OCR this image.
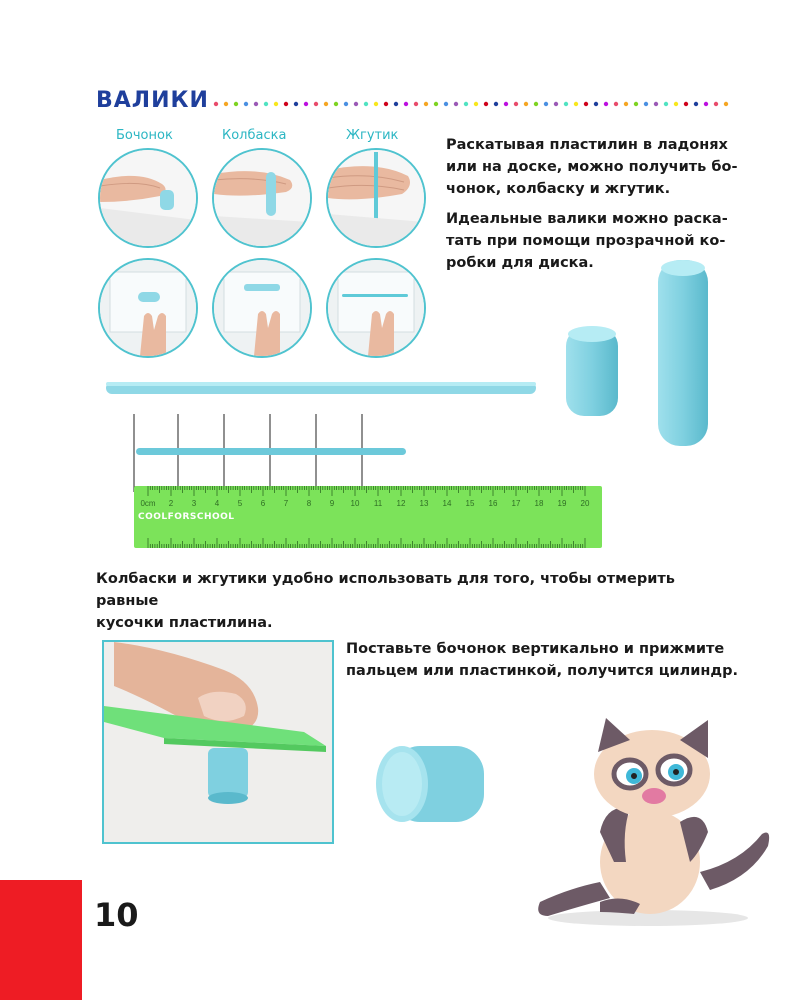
ВАЛИКИ
Бочонок	Колбаска	Жгутик
Раскатывая пластилин в ладонях
или на доске, можно получить бо-
чонок, колбаску и жгутик.
Идеальные валики можно раска-
тать при помощи прозрачной ко-
робки для диска.
0cm 2 3 4 5 6 7 8 9 10 11 12 13 14 15 16 17 18 19 20
COOLFORSCHOOL
Колбаски и жгутики удобно использовать для того, чтобы отмерить равные
кусочки пластилина.
Поставьте бочонок вертикально и прижмите
пальцем или пластинкой, получится цилиндр.
10
